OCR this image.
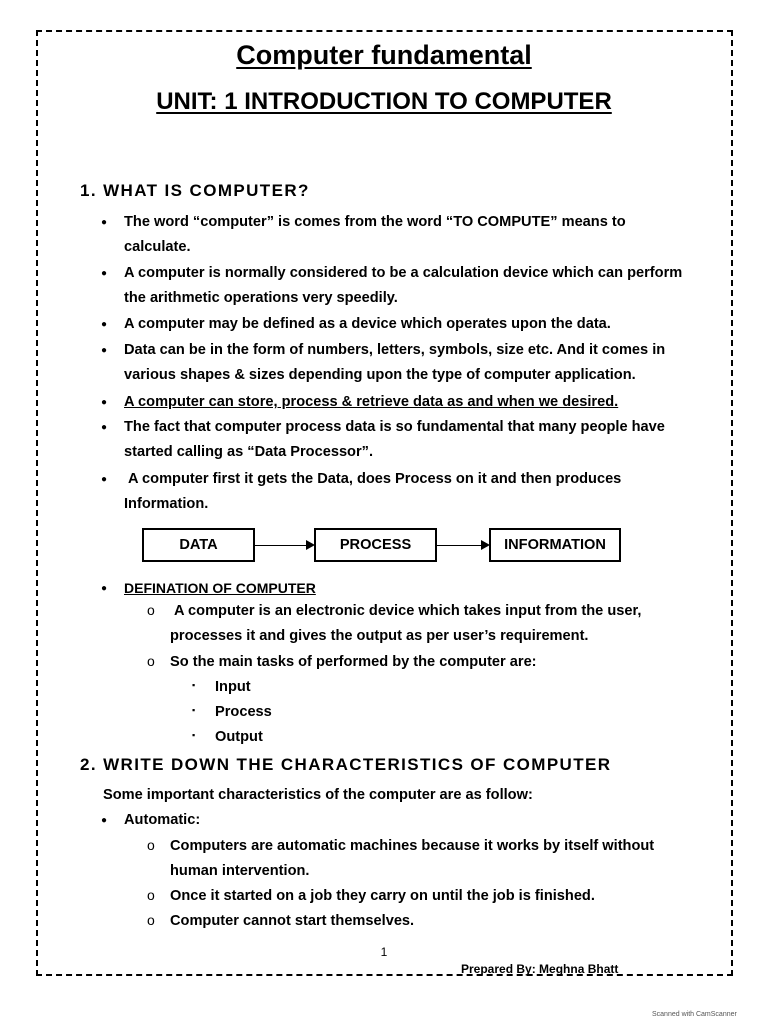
Computer fundamental
UNIT: 1 INTRODUCTION TO COMPUTER
1. WHAT IS COMPUTER?
● The word “computer” is comes from the word “TO COMPUTE” means to
calculate.
● A computer is normally considered to be a calculation device which can perform
the arithmetic operations very speedily.
● A computer may be defined as a device which operates upon the data.
● Data can be in the form of numbers, letters, symbols, size etc. And it comes in
various shapes & sizes depending upon the type of computer application.
● A computer can store, process & retrieve data as and when we desired.
● The fact that computer process data is so fundamental that many people have
started calling as “Data Processor”.
● A computer first it gets the Data, does Process on it and then produces
Information.
DATA	PROCESS	INFORMATION
● DEFINATION OF COMPUTER
o A computer is an electronic device which takes input from the user,
processes it and gives the output as per user’s requirement.
o So the main tasks of performed by the computer are:
▪ Input
▪ Process
▪ Output
2. WRITE DOWN THE CHARACTERISTICS OF COMPUTER
Some important characteristics of the computer are as follow:
● Automatic:
o Computers are automatic machines because it works by itself without
human intervention.
o Once it started on a job they carry on until the job is finished.
o Computer cannot start themselves.
1
Prepared By: Meghna Bhatt
Scanned with CamScanner
